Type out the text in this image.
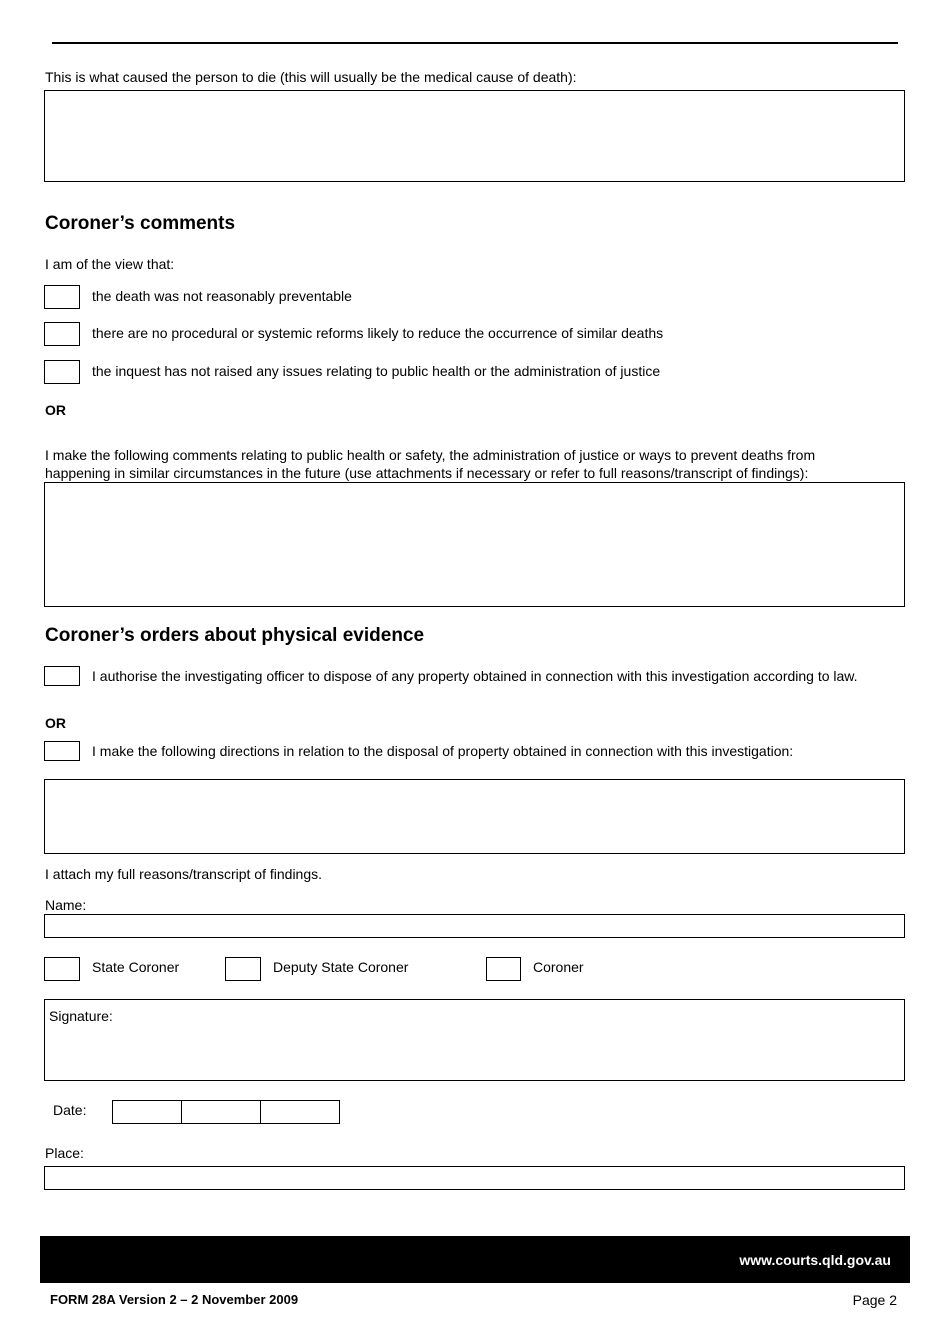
This is what caused the person to die (this will usually be the medical cause of death):
Coroner’s comments
I am of the view that:
the death was not reasonably preventable
there are no procedural or systemic reforms likely to reduce the occurrence of similar deaths
the inquest has not raised any issues relating to public health or the administration of justice
OR
I make the following comments relating to public health or safety, the administration of justice or ways to prevent deaths from
happening in similar circumstances in the future (use attachments if necessary or refer to full reasons/transcript of findings):
Coroner’s orders about physical evidence
I authorise the investigating officer to dispose of any property obtained in connection with this investigation according to law.
OR
I make the following directions in relation to the disposal of property obtained in connection with this investigation:
I attach my full reasons/transcript of findings.
Name:
State Coroner	Deputy State Coroner	Coroner
Signature:
Date:
Place:
www.courts.qld.gov.au
FORM 28A Version 2 – 2 November 2009	Page 2
